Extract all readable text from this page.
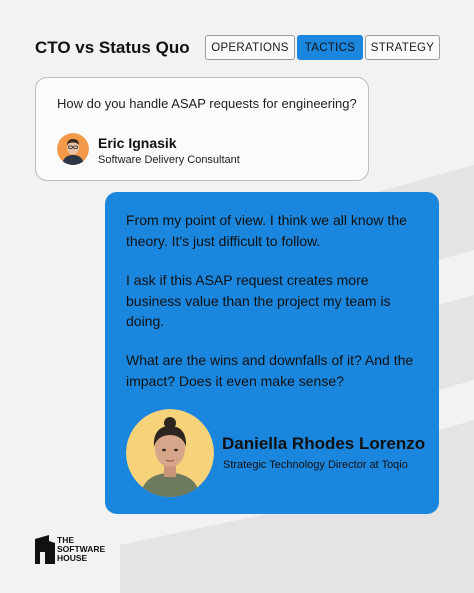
CTO vs Status Quo	OPERATIONS	TACTICS	STRATEGY
How do you handle ASAP requests for engineering?
Eric Ignasik
Software Delivery Consultant
From my point of view. I think we all know the theory. It's just difficult to follow.
I ask if this ASAP request creates more business value than the project my team is doing.
What are the wins and downfalls of it? And the impact? Does it even make sense?
Daniella Rhodes Lorenzo
Strategic Technology Director at Toqio
THE
SOFTWARE
HOUSE
